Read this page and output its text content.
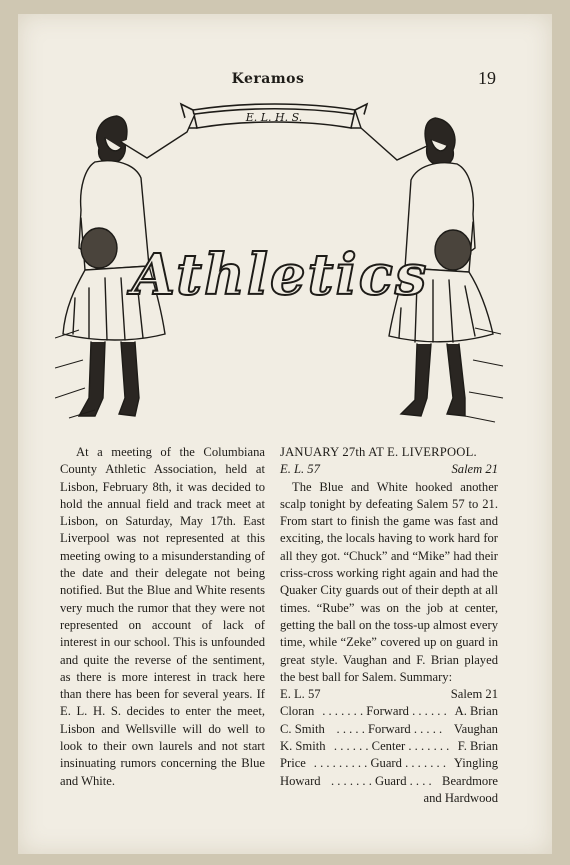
Keramos	19
E. L. H. S.
Athletics
At a meeting of the Columbiana County Athletic Association, held at Lisbon, February 8th, it was decided to hold the annual field and track meet at Lisbon, on Saturday, May 17th. East Liverpool was not represented at this meeting owing to a misunderstanding of the date and their delegate not being notified. But the Blue and White resents very much the rumor that they were not represented on account of lack of interest in our school. This is unfounded and quite the reverse of the sentiment, as there is more interest in track here than there has been for several years. If E. L. H. S. decides to enter the meet, Lisbon and Wellsville will do well to look to their own laurels and not start insinuating rumors concerning the Blue and White.
JANUARY 27th AT E. LIVERPOOL.
E. L. 57	Salem 21
The Blue and White hooked another scalp tonight by defeating Salem 57 to 21. From start to finish the game was fast and exciting, the locals having to work hard for all they got. “Chuck” and “Mike” had their criss-cross working right again and had the Quaker City guards out of their depth at all times. “Rube” was on the job at center, getting the ball on the toss-up almost every time, while “Zeke” covered up on guard in great style. Vaughan and F. Brian played the best ball for Salem. Summary:
E. L. 57	Salem 21
Cloran . . . . . . . Forward . . . . . . A. Brian
C. Smith . . . . . Forward . . . . . Vaughan
K. Smith . . . . . . Center . . . . . . . F. Brian
Price . . . . . . . . . Guard . . . . . . . Yingling
Howard . . . . . . . Guard . . . . Beardmore
and Hardwood
